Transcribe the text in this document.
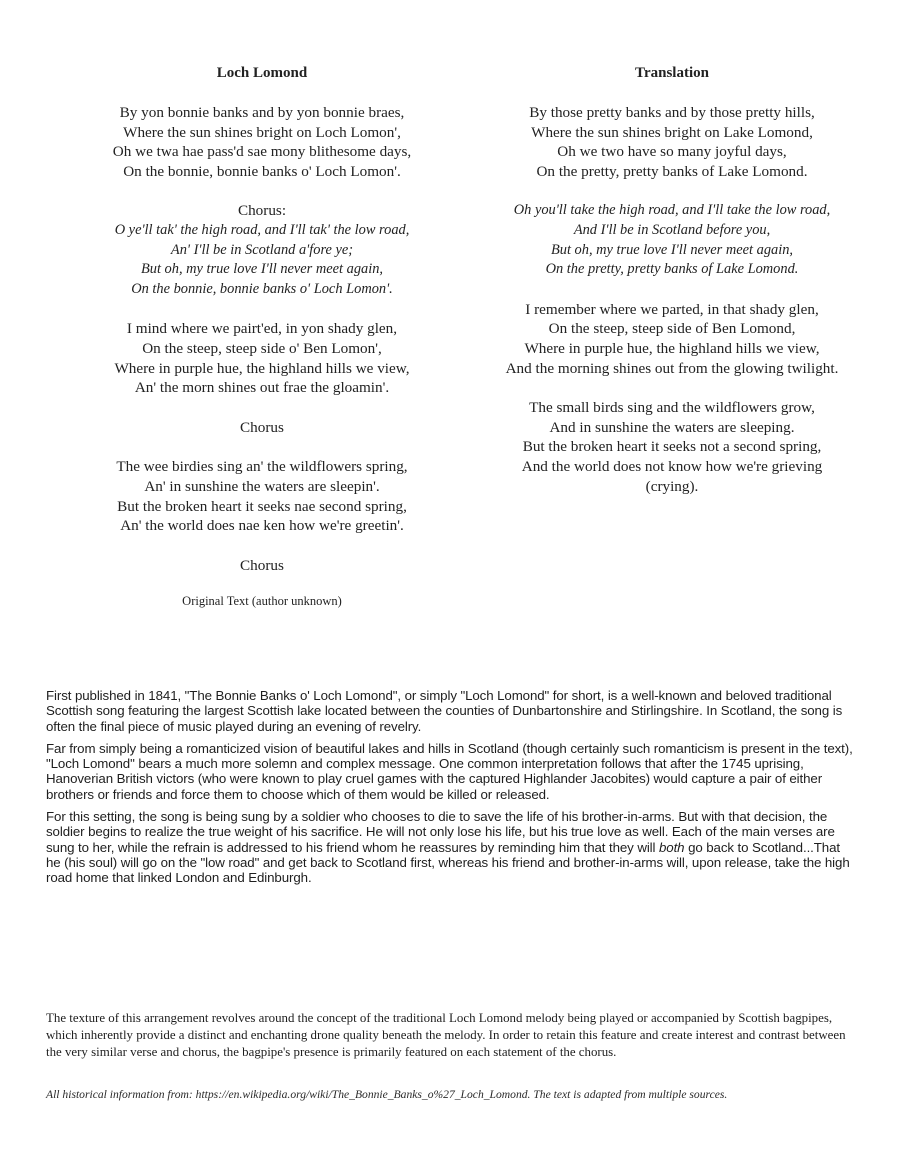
Loch Lomond
By yon bonnie banks and by yon bonnie braes,
Where the sun shines bright on Loch Lomon',
Oh we twa hae pass'd sae mony blithesome days,
On the bonnie, bonnie banks o' Loch Lomon'.
Chorus:
O ye'll tak' the high road, and I'll tak' the low road,
An' I'll be in Scotland a'fore ye;
But oh, my true love I'll never meet again,
On the bonnie, bonnie banks o' Loch Lomon'.
I mind where we pairt'ed, in yon shady glen,
On the steep, steep side o' Ben Lomon',
Where in purple hue, the highland hills we view,
An' the morn shines out frae the gloamin'.
Chorus
The wee birdies sing an' the wildflowers spring,
An' in sunshine the waters are sleepin'.
But the broken heart it seeks nae second spring,
An' the world does nae ken how we're greetin'.
Chorus
Original Text (author unknown)
Translation
By those pretty banks and by those pretty hills,
Where the sun shines bright on Lake Lomond,
Oh we two have so many joyful days,
On the pretty, pretty banks of Lake Lomond.
Oh you'll take the high road, and I'll take the low road,
And I'll be in Scotland before you,
But oh, my true love I'll never meet again,
On the pretty, pretty banks of Lake Lomond.
I remember where we parted, in that shady glen,
On the steep, steep side of Ben Lomond,
Where in purple hue, the highland hills we view,
And the morning shines out from the glowing twilight.
The small birds sing and the wildflowers grow,
And in sunshine the waters are sleeping.
But the broken heart it seeks not a second spring,
And the world does not know how we're grieving (crying).

First published in 1841, "The Bonnie Banks o' Loch Lomond", or simply "Loch Lomond" for short, is a well-known and beloved traditional Scottish song featuring the largest Scottish lake located between the counties of Dunbartonshire and Stirlingshire. In Scotland, the song is often the final piece of music played during an evening of revelry.

Far from simply being a romanticized vision of beautiful lakes and hills in Scotland (though certainly such romanticism is present in the text), "Loch Lomond" bears a much more solemn and complex message. One common interpretation follows that after the 1745 uprising, Hanoverian British victors (who were known to play cruel games with the captured Highlander Jacobites) would capture a pair of either brothers or friends and force them to choose which of them would be killed or released.

For this setting, the song is being sung by a soldier who chooses to die to save the life of his brother-in-arms. But with that decision, the soldier begins to realize the true weight of his sacrifice. He will not only lose his life, but his true love as well. Each of the main verses are sung to her, while the refrain is addressed to his friend whom he reassures by reminding him that they will both go back to Scotland...That he (his soul) will go on the "low road" and get back to Scotland first, whereas his friend and brother-in-arms will, upon release, take the high road home that linked London and Edinburgh.

The texture of this arrangement revolves around the concept of the traditional Loch Lomond melody being played or accompanied by Scottish bagpipes, which inherently provide a distinct and enchanting drone quality beneath the melody. In order to retain this feature and create interest and contrast between the very similar verse and chorus, the bagpipe's presence is primarily featured on each statement of the chorus.

All historical information from: https://en.wikipedia.org/wiki/The_Bonnie_Banks_o%27_Loch_Lomond. The text is adapted from multiple sources.
